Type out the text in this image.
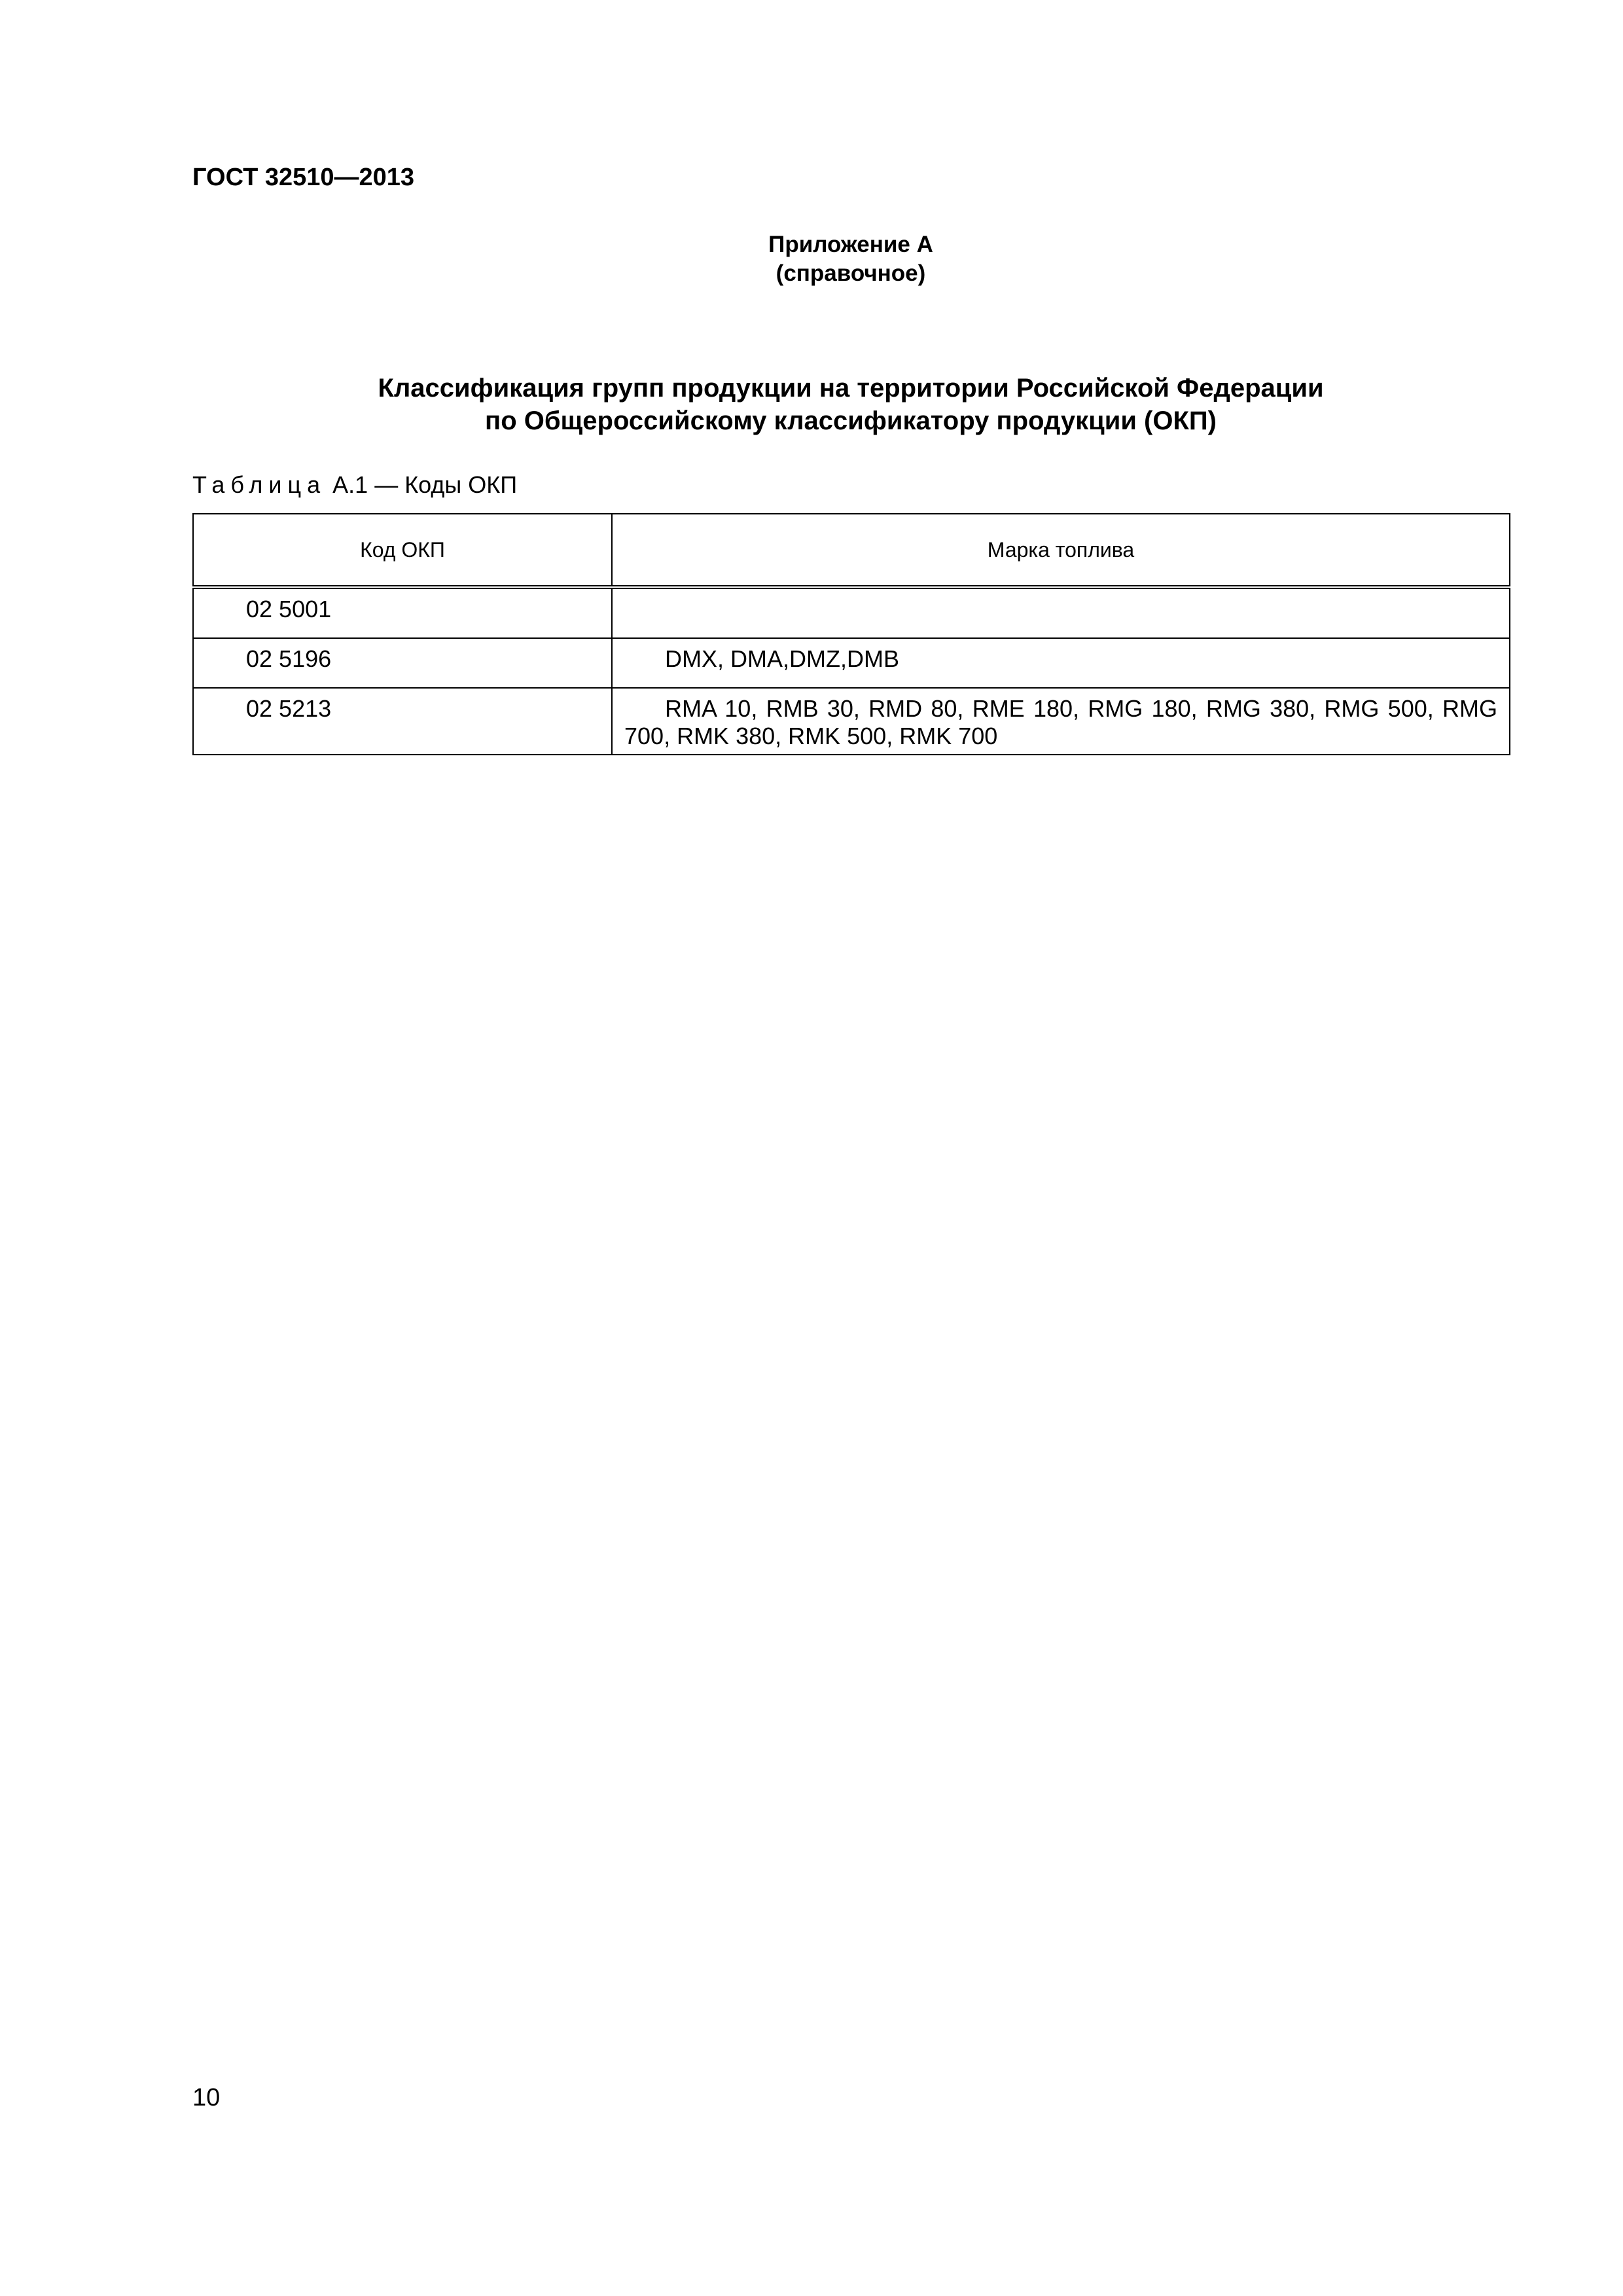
ГОСТ 32510—2013
Приложение А
(справочное)
Классификация групп продукции на территории Российской Федерации
по Общероссийскому классификатору продукции (ОКП)
Таблица А.1 — Коды ОКП
Код ОКП	Марка топлива
02 5001	
02 5196	DMX, DMA,DMZ,DMB
02 5213	RMA 10, RMB 30, RMD 80, RME 180, RMG 180, RMG 380, RMG 500, RMG 700, RMK 380, RMK 500, RMK 700
10
